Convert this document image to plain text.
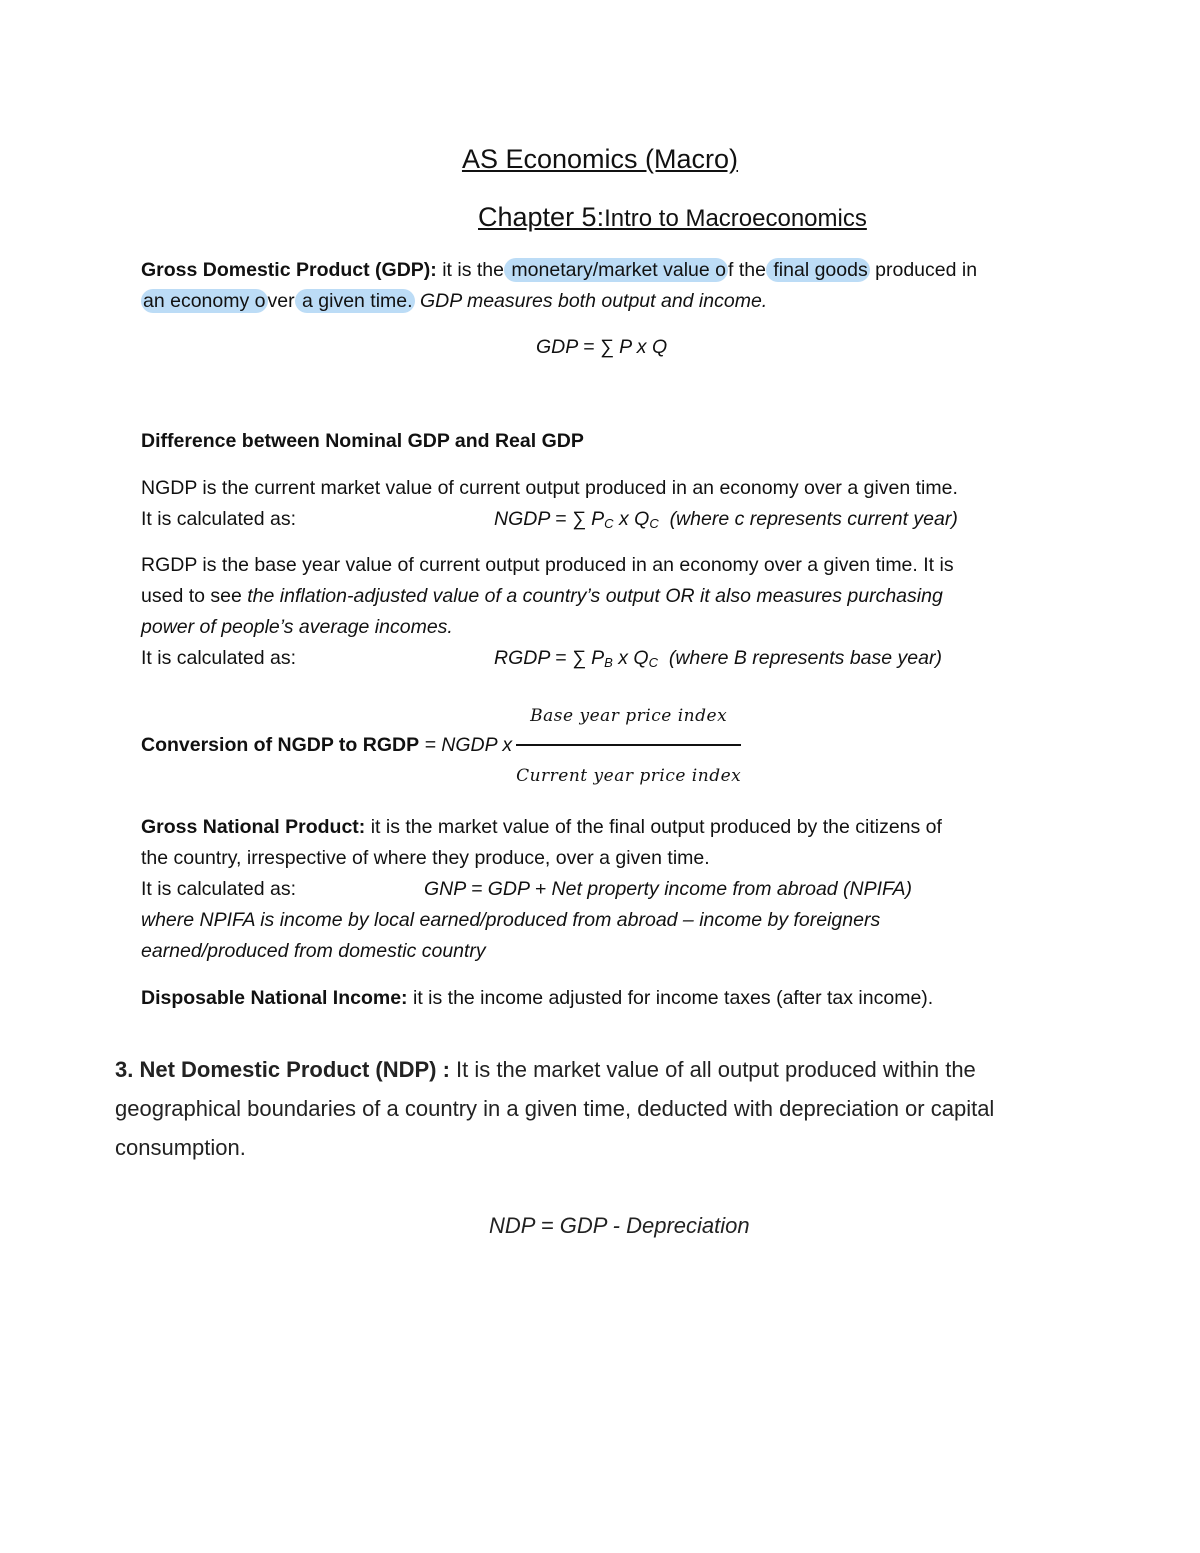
AS Economics (Macro)
Chapter 5:Intro to Macroeconomics
Gross Domestic Product (GDP): it is the monetary/market value o f the final goods produced in
an economy o ver a given time. GDP measures both output and income.
GDP = ∑ P x Q
Difference between Nominal GDP and Real GDP
NGDP is the current market value of current output produced in an economy over a given time.
It is calculated as:	NGDP = ∑ $P_C$ x $Q_C$ (where c represents current year)
RGDP is the base year value of current output produced in an economy over a given time. It is
used to see the inflation-adjusted value of a country’s output OR it also measures purchasing
power of people’s average incomes.
It is calculated as:	RGDP = ∑ $P_B$ x $Q_C$ (where B represents base year)
Conversion of NGDP to RGDP = NGDP x $\frac{\text{Base year price index}}{\text{Current year price index}}$
Gross National Product: it is the market value of the final output produced by the citizens of
the country, irrespective of where they produce, over a given time.
It is calculated as:	GNP = GDP + Net property income from abroad (NPIFA)
where NPIFA is income by local earned/produced from abroad – income by foreigners
earned/produced from domestic country
Disposable National Income: it is the income adjusted for income taxes (after tax income).
3. Net Domestic Product (NDP) : It is the market value of all output produced within the
geographical boundaries of a country in a given time, deducted with depreciation or capital
consumption.
NDP = GDP - Depreciation
